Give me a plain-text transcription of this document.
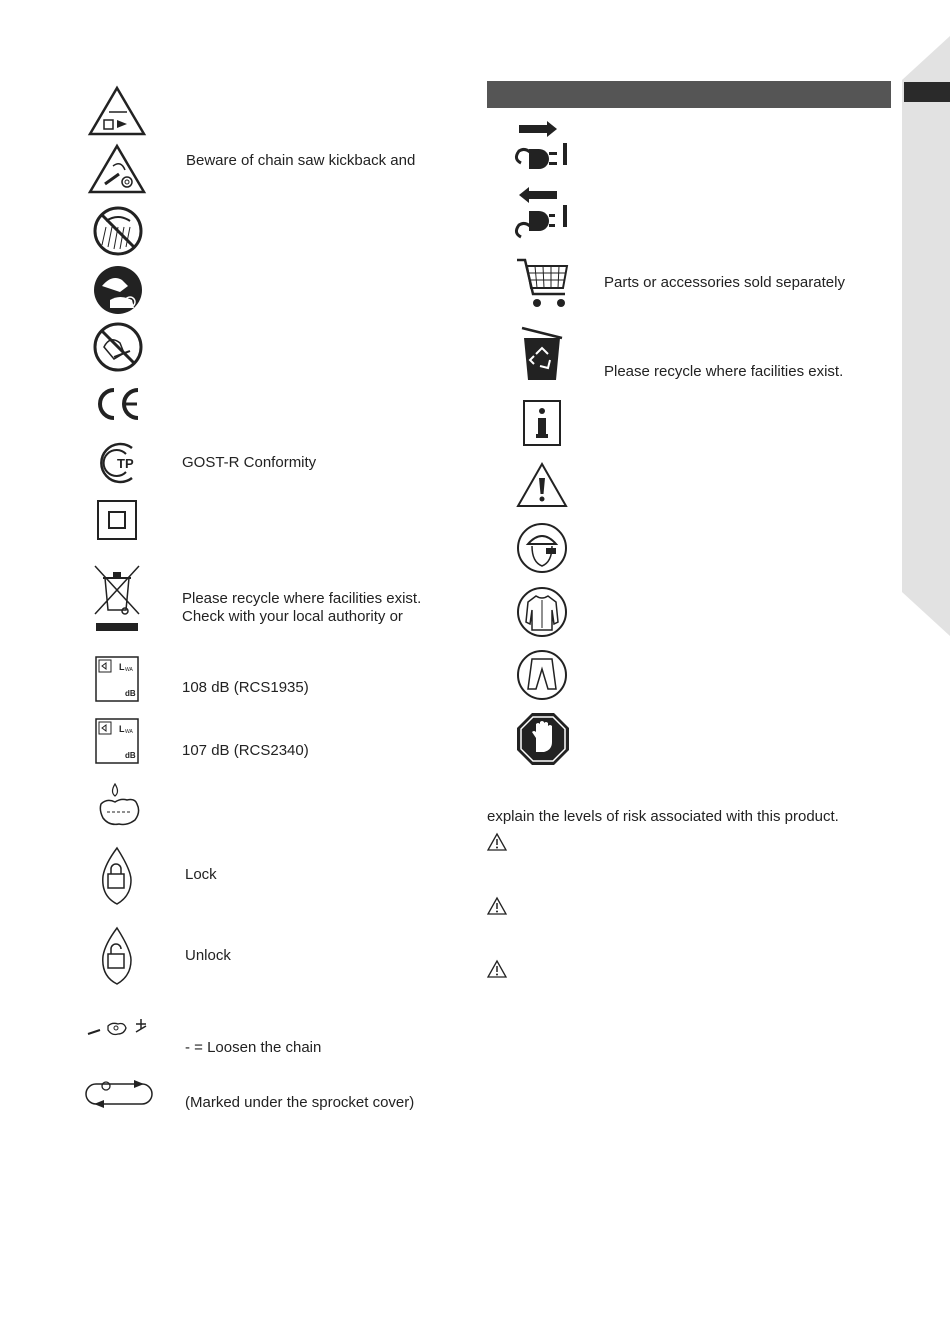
Beware of chain saw kickback and
TP	GOST-R Conformity
Please recycle where facilities exist.
Check with your local authority or
L WA
dB	108 dB (RCS1935)
L WA
dB	107 dB (RCS2340)
Lock
Unlock
- = Loosen the chain
(Marked under the sprocket cover)
Parts or accessories sold separately
Please recycle where facilities exist.
explain the levels of risk associated with this product.
